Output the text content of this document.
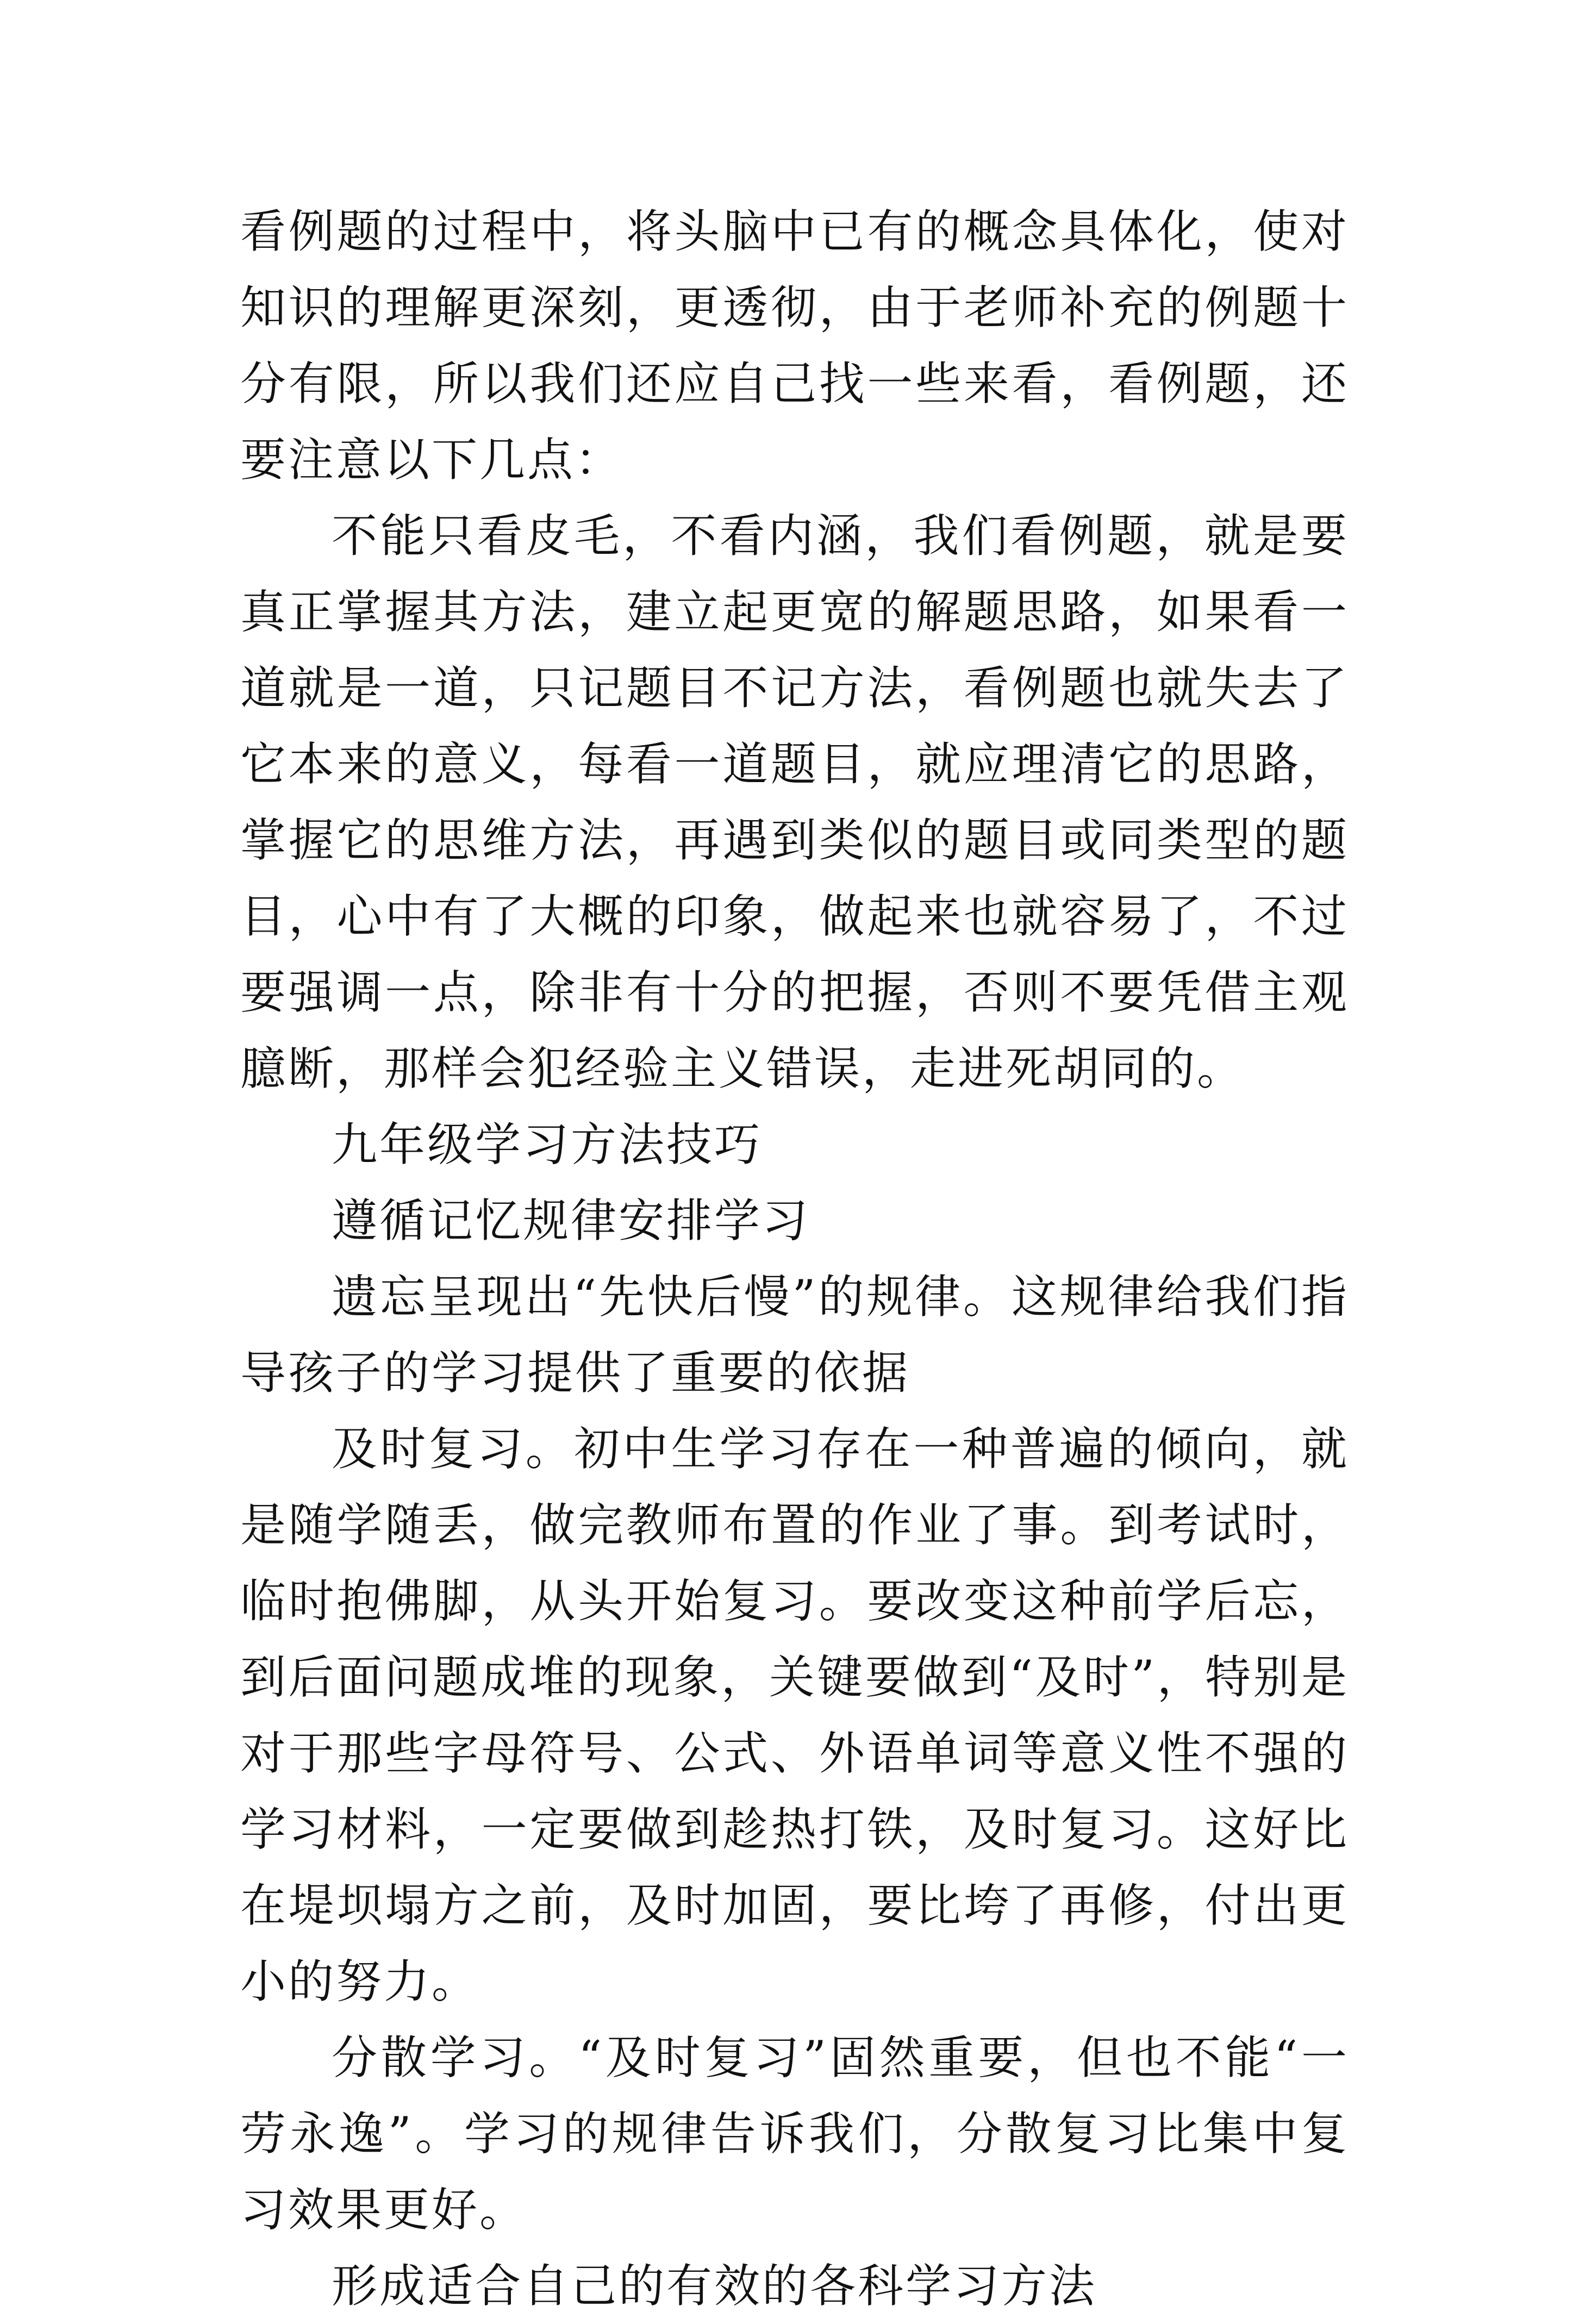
看例题的过程中，将头脑中已有的概念具体化，使对知识的理解更深刻，更透彻，由于老师补充的例题十分有限，所以我们还应自己找一些来看，看例题，还要注意以下几点：

不能只看皮毛，不看内涵，我们看例题，就是要真正掌握其方法，建立起更宽的解题思路，如果看一道就是一道，只记题目不记方法，看例题也就失去了它本来的意义，每看一道题目，就应理清它的思路，掌握它的思维方法，再遇到类似的题目或同类型的题目，心中有了大概的印象，做起来也就容易了，不过要强调一点，除非有十分的把握，否则不要凭借主观臆断，那样会犯经验主义错误，走进死胡同的。

九年级学习方法技巧

遵循记忆规律安排学习

遗忘呈现出“先快后慢”的规律。这规律给我们指导孩子的学习提供了重要的依据

及时复习。初中生学习存在一种普遍的倾向，就是随学随丢，做完教师布置的作业了事。到考试时，临时抱佛脚，从头开始复习。要改变这种前学后忘，到后面问题成堆的现象，关键要做到“及时”，特别是对于那些字母符号、公式、外语单词等意义性不强的学习材料，一定要做到趁热打铁，及时复习。这好比在堤坝塌方之前，及时加固，要比垮了再修，付出更小的努力。

分散学习。“及时复习”固然重要，但也不能“一劳永逸”。学习的规律告诉我们，分散复习比集中复习效果更好。

形成适合自己的有效的各科学习方法
